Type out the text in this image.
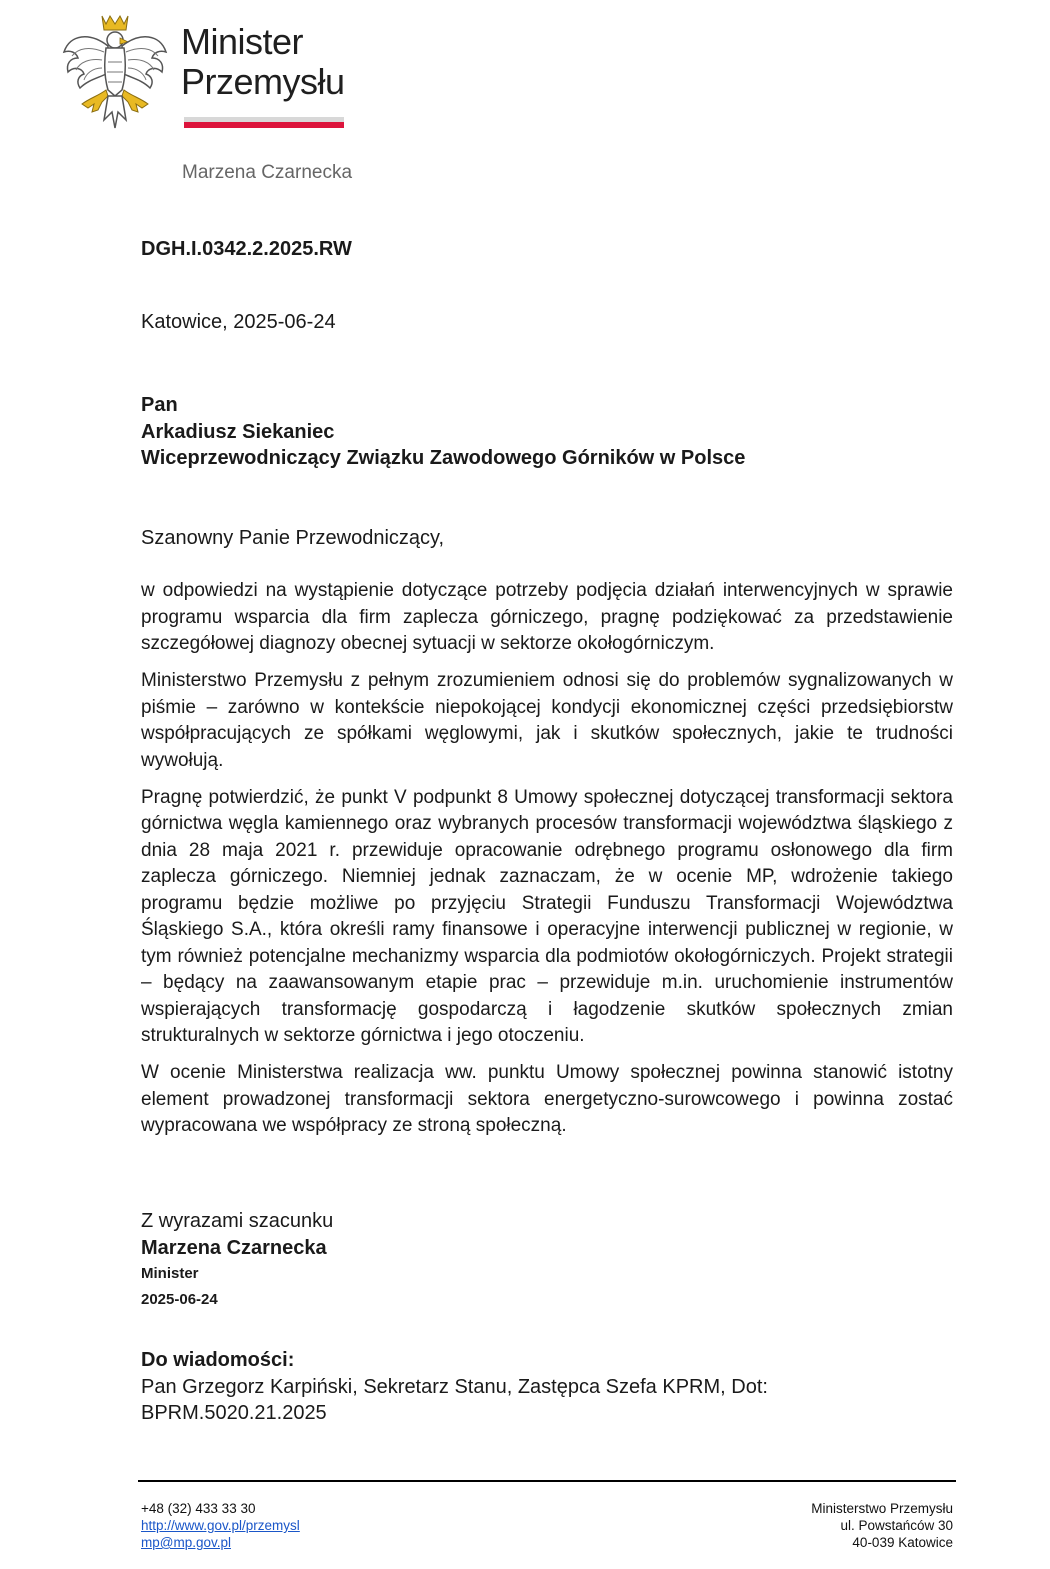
Minister
Przemysłu
Marzena Czarnecka
DGH.I.0342.2.2025.RW
Katowice, 2025-06-24
Pan
Arkadiusz Siekaniec
Wiceprzewodniczący Związku Zawodowego Górników w Polsce
Szanowny Panie Przewodniczący,

w odpowiedzi na wystąpienie dotyczące potrzeby podjęcia działań interwencyjnych w sprawie programu wsparcia dla firm zaplecza górniczego, pragnę podziękować za przedstawienie szczegółowej diagnozy obecnej sytuacji w sektorze okołogórniczym.

Ministerstwo Przemysłu z pełnym zrozumieniem odnosi się do problemów sygnalizowanych w piśmie – zarówno w kontekście niepokojącej kondycji ekonomicznej części przedsiębiorstw współpracujących ze spółkami węglowymi, jak i skutków społecznych, jakie te trudności wywołują.

Pragnę potwierdzić, że punkt V podpunkt 8 Umowy społecznej dotyczącej transformacji sektora górnictwa węgla kamiennego oraz wybranych procesów transformacji województwa śląskiego z dnia 28 maja 2021 r. przewiduje opracowanie odrębnego programu osłonowego dla firm zaplecza górniczego. Niemniej jednak zaznaczam, że w ocenie MP, wdrożenie takiego programu będzie możliwe po przyjęciu Strategii Funduszu Transformacji Województwa Śląskiego S.A., która określi ramy finansowe i operacyjne interwencji publicznej w regionie, w tym również potencjalne mechanizmy wsparcia dla podmiotów okołogórniczych. Projekt strategii – będący na zaawansowanym etapie prac – przewiduje m.in. uruchomienie instrumentów wspierających transformację gospodarczą i łagodzenie skutków społecznych zmian strukturalnych w sektorze górnictwa i jego otoczeniu.

W ocenie Ministerstwa realizacja ww. punktu Umowy społecznej powinna stanowić istotny element prowadzonej transformacji sektora energetyczno-surowcowego i powinna zostać wypracowana we współpracy ze stroną społeczną.

Z wyrazami szacunku
Marzena Czarnecka
Minister
2025-06-24
Do wiadomości:
Pan Grzegorz Karpiński, Sekretarz Stanu, Zastępca Szefa KPRM, Dot: BPRM.5020.21.2025
+48 (32) 433 33 30
http://www.gov.pl/przemysl
mp@mp.gov.pl
Ministerstwo Przemysłu
ul. Powstańców 30
40-039 Katowice
